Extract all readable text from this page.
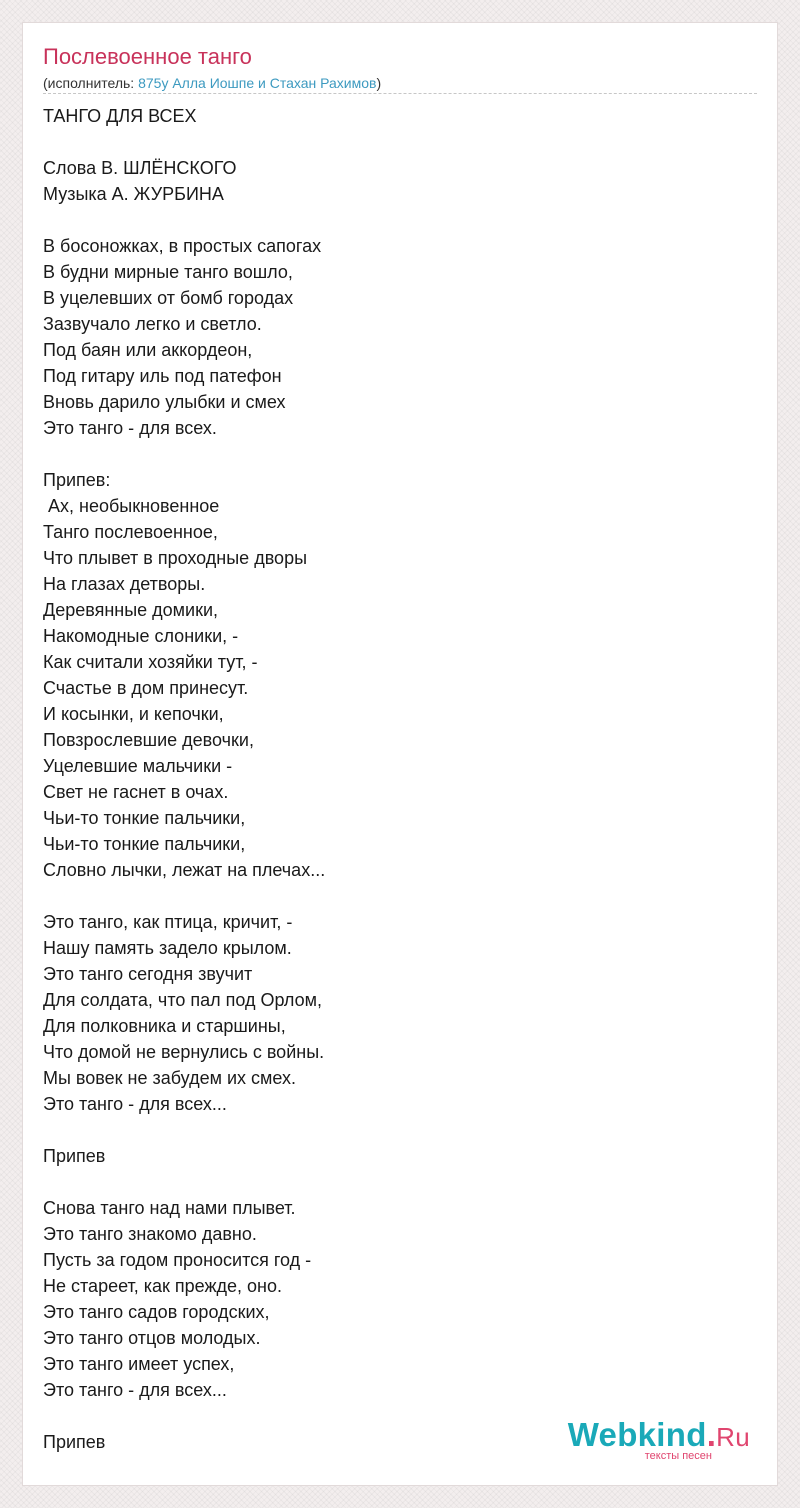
Послевоенное танго
(исполнитель: 875у Алла Иошпе и Стахан Рахимов)
ТАНГО ДЛЯ ВСЕХ
Слова В. ШЛЁНСКОГО
Музыка А. ЖУРБИНА
В босоножках, в простых сапогах
В будни мирные танго вошло,
В уцелевших от бомб городах
Зазвучало легко и светло.
Под баян или аккордеон,
Под гитару иль под патефон
Вновь дарило улыбки и смех
Это танго - для всех.
Припев:
Ах, необыкновенное
Танго послевоенное,
Что плывет в проходные дворы
На глазах детворы.
Деревянные домики,
Накомодные слоники, -
Как считали хозяйки тут, -
Счастье в дом принесут.
И косынки, и кепочки,
Повзрослевшие девочки,
Уцелевшие мальчики -
Свет не гаснет в очах.
Чьи-то тонкие пальчики,
Чьи-то тонкие пальчики,
Словно лычки, лежат на плечах...
Это танго, как птица, кричит, -
Нашу память задело крылом.
Это танго сегодня звучит
Для солдата, что пал под Орлом,
Для полковника и старшины,
Что домой не вернулись с войны.
Мы вовек не забудем их смех.
Это танго - для всех...
Припев
Снова танго над нами плывет.
Это танго знакомо давно.
Пусть за годом проносится год -
Не стареет, как прежде, оно.
Это танго садов городских,
Это танго отцов молодых.
Это танго имеет успех,
Это танго - для всех...
Припев	Webkind.Ru
тексты песен
